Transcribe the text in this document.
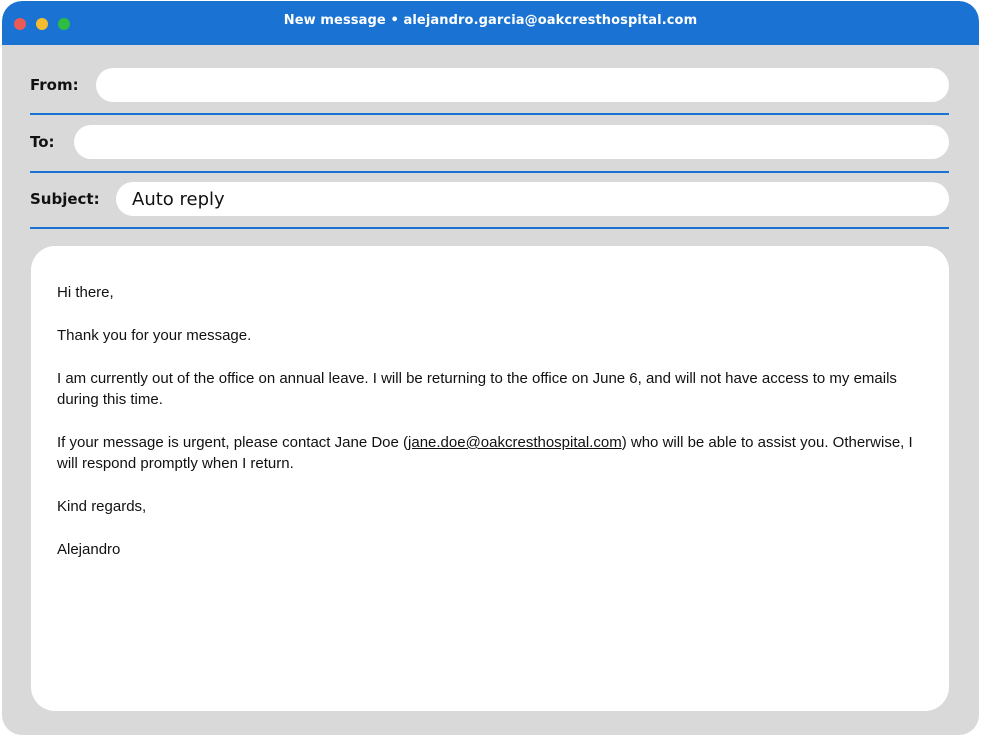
New message • alejandro.garcia@oakcresthospital.com
From:
To:
Subject:
Auto reply

Hi there,

Thank you for your message.

I am currently out of the office on annual leave. I will be returning to the office on June 6, and will not have access to my emails during this time.

If your message is urgent, please contact Jane Doe (jane.doe@oakcresthospital.com) who will be able to assist you. Otherwise, I will respond promptly when I return.

Kind regards,

Alejandro
